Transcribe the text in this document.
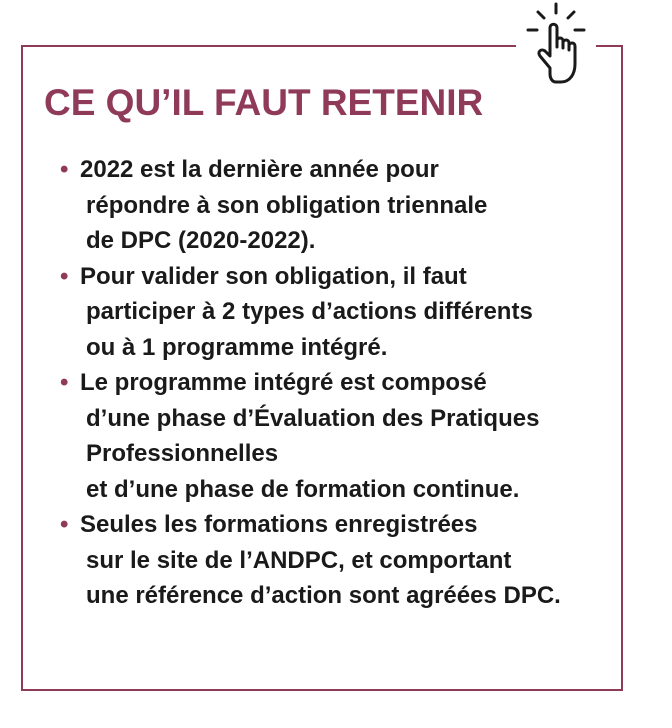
CE QU’IL FAUT RETENIR
• 2022 est la dernière année pour
répondre à son obligation triennale
de DPC (2020-2022).
• Pour valider son obligation, il faut
participer à 2 types d’actions différents
ou à 1 programme intégré.
• Le programme intégré est composé
d’une phase d’Évaluation des Pratiques
Professionnelles
et d’une phase de formation continue.
• Seules les formations enregistrées
sur le site de l’ANDPC, et comportant
une référence d’action sont agréées DPC.
